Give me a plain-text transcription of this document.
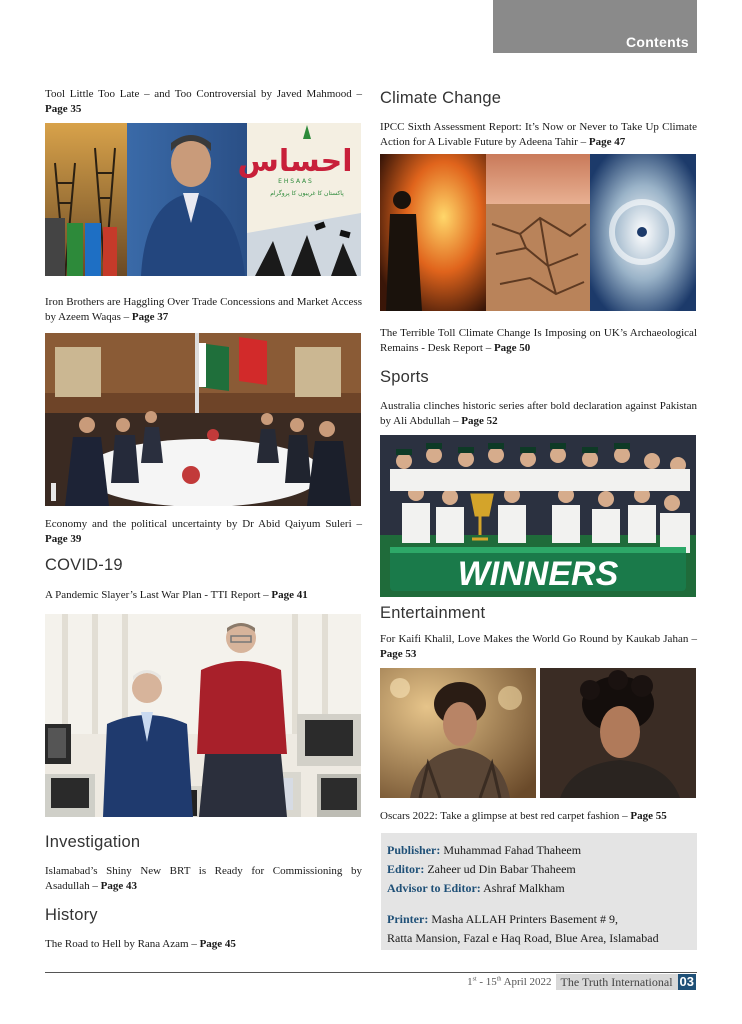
Contents
Tool Little Too Late – and Too Controversial by Javed Mahmood – Page 35
احساس
E H S A A S
پاکستان کا غریبوں کا پروگرام
Iron Brothers are Haggling Over Trade Concessions and Market Access by Azeem Waqas – Page 37
Economy and the political uncertainty by Dr Abid Qaiyum Suleri – Page 39
COVID-19
A Pandemic Slayer’s Last War Plan - TTI Report – Page 41
Investigation
Islamabad’s Shiny New BRT is Ready for Commissioning by Asadullah – Page 43
History
The Road to Hell by Rana Azam – Page 45
Climate Change
IPCC Sixth Assessment Report: It’s Now or Never to Take Up Climate Action for A Livable Future by Adeena Tahir – Page 47
The Terrible Toll Climate Change Is Imposing on UK’s Archaeological Remains - Desk Report – Page 50
Sports
Australia clinches historic series after bold declaration against Pakistan by Ali Abdullah – Page 52
WINNERS
Entertainment
For Kaifi Khalil, Love Makes the World Go Round by Kaukab Jahan – Page 53
Oscars 2022: Take a glimpse at best red carpet fashion – Page 55
Publisher: Muhammad Fahad Thaheem
Editor: Zaheer ud Din Babar Thaheem
Advisor to Editor: Ashraf Malkham
Printer: Masha ALLAH Printers Basement # 9,
Ratta Mansion, Fazal e Haq Road, Blue Area, Islamabad
1st - 15th April 2022 The Truth International 03
